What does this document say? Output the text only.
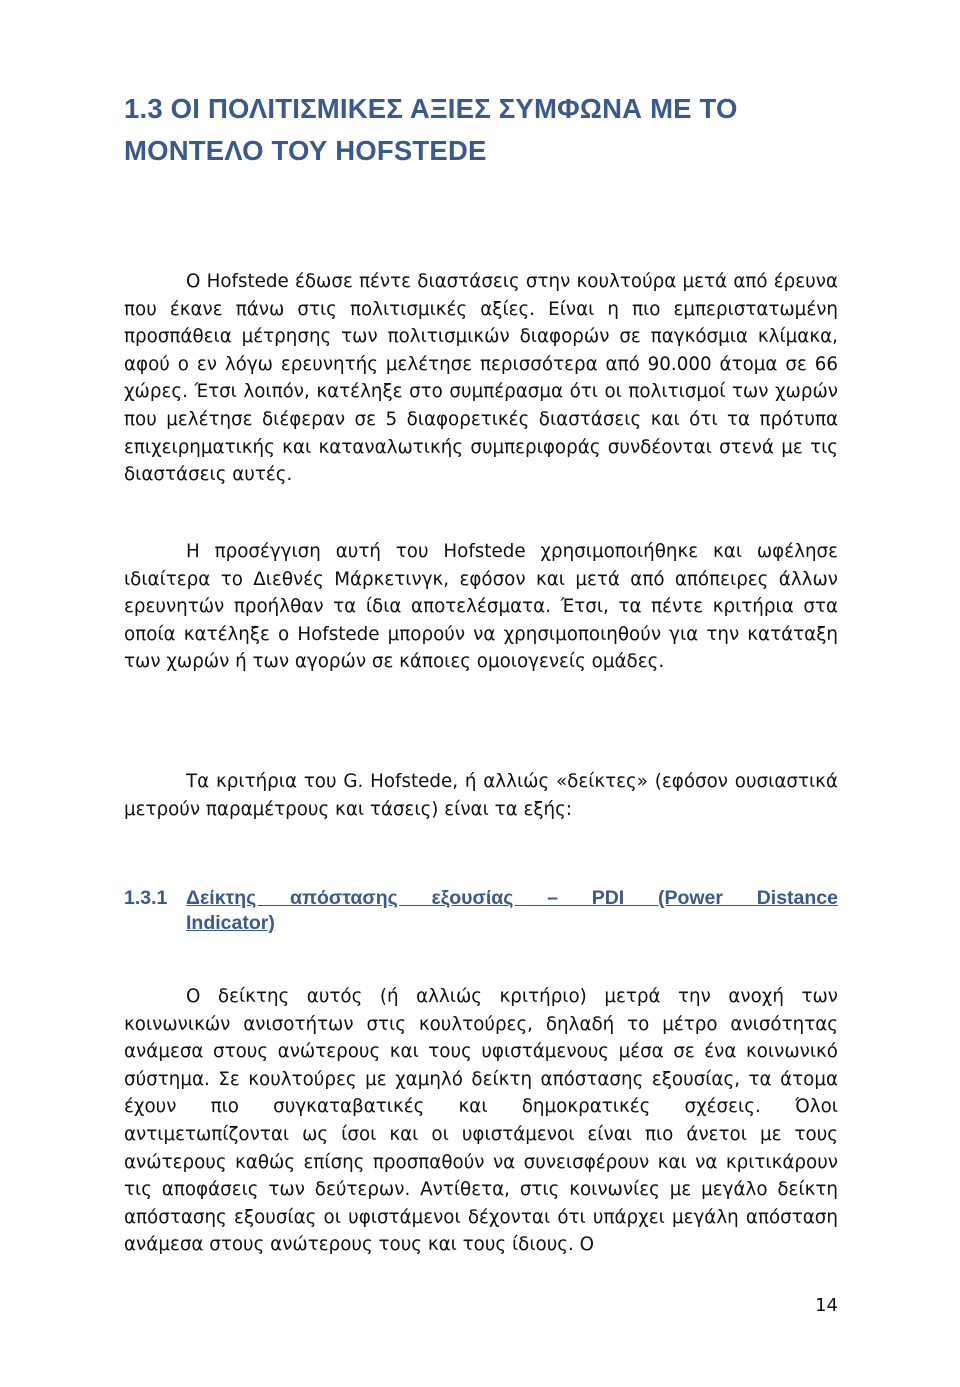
1.3 ΟΙ ΠΟΛΙΤΙΣΜΙΚΕΣ ΑΞΙΕΣ ΣΥΜΦΩΝΑ ΜΕ ΤΟ ΜΟΝΤΕΛΟ ΤΟΥ HOFSTEDE

Ο Hofstede έδωσε πέντε διαστάσεις στην κουλτούρα μετά από έρευνα που έκανε πάνω στις πολιτισμικές αξίες. Είναι η πιο εμπεριστατωμένη προσπάθεια μέτρησης των πολιτισμικών διαφορών σε παγκόσμια κλίμακα, αφού ο εν λόγω ερευνητής μελέτησε περισσότερα από 90.000 άτομα σε 66 χώρες. Έτσι λοιπόν, κατέληξε στο συμπέρασμα ότι οι πολιτισμοί των χωρών που μελέτησε διέφεραν σε 5 διαφορετικές διαστάσεις και ότι τα πρότυπα επιχειρηματικής και καταναλωτικής συμπεριφοράς συνδέονται στενά με τις διαστάσεις αυτές.

Η προσέγγιση αυτή του Hofstede χρησιμοποιήθηκε και ωφέλησε ιδιαίτερα το Διεθνές Μάρκετινγκ, εφόσον και μετά από απόπειρες άλλων ερευνητών προήλθαν τα ίδια αποτελέσματα. Έτσι, τα πέντε κριτήρια στα οποία κατέληξε ο Hofstede μπορούν να χρησιμοποιηθούν για την κατάταξη των χωρών ή των αγορών σε κάποιες ομοιογενείς ομάδες.

Τα κριτήρια του G. Hofstede, ή αλλιώς «δείκτες» (εφόσον ουσιαστικά μετρούν παραμέτρους και τάσεις) είναι τα εξής:

1.3.1 Δείκτης απόστασης εξουσίας – PDI (Power Distance
Indicator)

Ο δείκτης αυτός (ή αλλιώς κριτήριο) μετρά την ανοχή των κοινωνικών ανισοτήτων στις κουλτούρες, δηλαδή το μέτρο ανισότητας ανάμεσα στους ανώτερους και τους υφιστάμενους μέσα σε ένα κοινωνικό σύστημα. Σε κουλτούρες με χαμηλό δείκτη απόστασης εξουσίας, τα άτομα έχουν πιο συγκαταβατικές και δημοκρατικές σχέσεις. Όλοι αντιμετωπίζονται ως ίσοι και οι υφιστάμενοι είναι πιο άνετοι με τους ανώτερους καθώς επίσης προσπαθούν να συνεισφέρουν και να κριτικάρουν τις αποφάσεις των δεύτερων. Αντίθετα, στις κοινωνίες με μεγάλο δείκτη απόστασης εξουσίας οι υφιστάμενοι δέχονται ότι υπάρχει μεγάλη απόσταση ανάμεσα στους ανώτερους τους και τους ίδιους. Ο

14
